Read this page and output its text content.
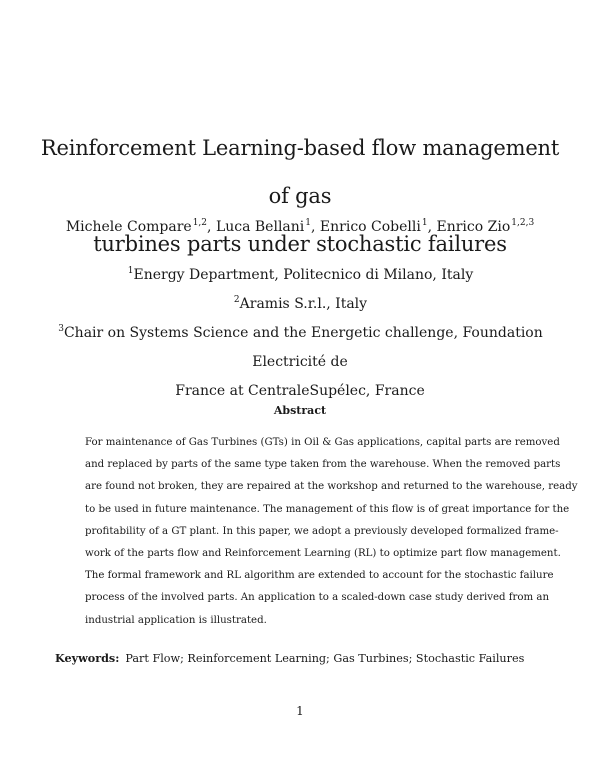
Reinforcement Learning-based flow management of gas
turbines parts under stochastic failures
Michele Compare$^{1,2}$, Luca Bellani$^1$, Enrico Cobelli$^1$, Enrico Zio$^{1,2,3}$
$^1$Energy Department, Politecnico di Milano, Italy
$^2$Aramis S.r.l., Italy
$^3$Chair on Systems Science and the Energetic challenge, Foundation Electricité de
France at CentraleSupélec, France
Abstract
For maintenance of Gas Turbines (GTs) in Oil & Gas applications, capital parts are removed
and replaced by parts of the same type taken from the warehouse. When the removed parts
are found not broken, they are repaired at the workshop and returned to the warehouse, ready
to be used in future maintenance. The management of this flow is of great importance for the
profitability of a GT plant. In this paper, we adopt a previously developed formalized frame-
work of the parts flow and Reinforcement Learning (RL) to optimize part flow management.
The formal framework and RL algorithm are extended to account for the stochastic failure
process of the involved parts. An application to a scaled-down case study derived from an
industrial application is illustrated.
Keywords: Part Flow; Reinforcement Learning; Gas Turbines; Stochastic Failures
1
